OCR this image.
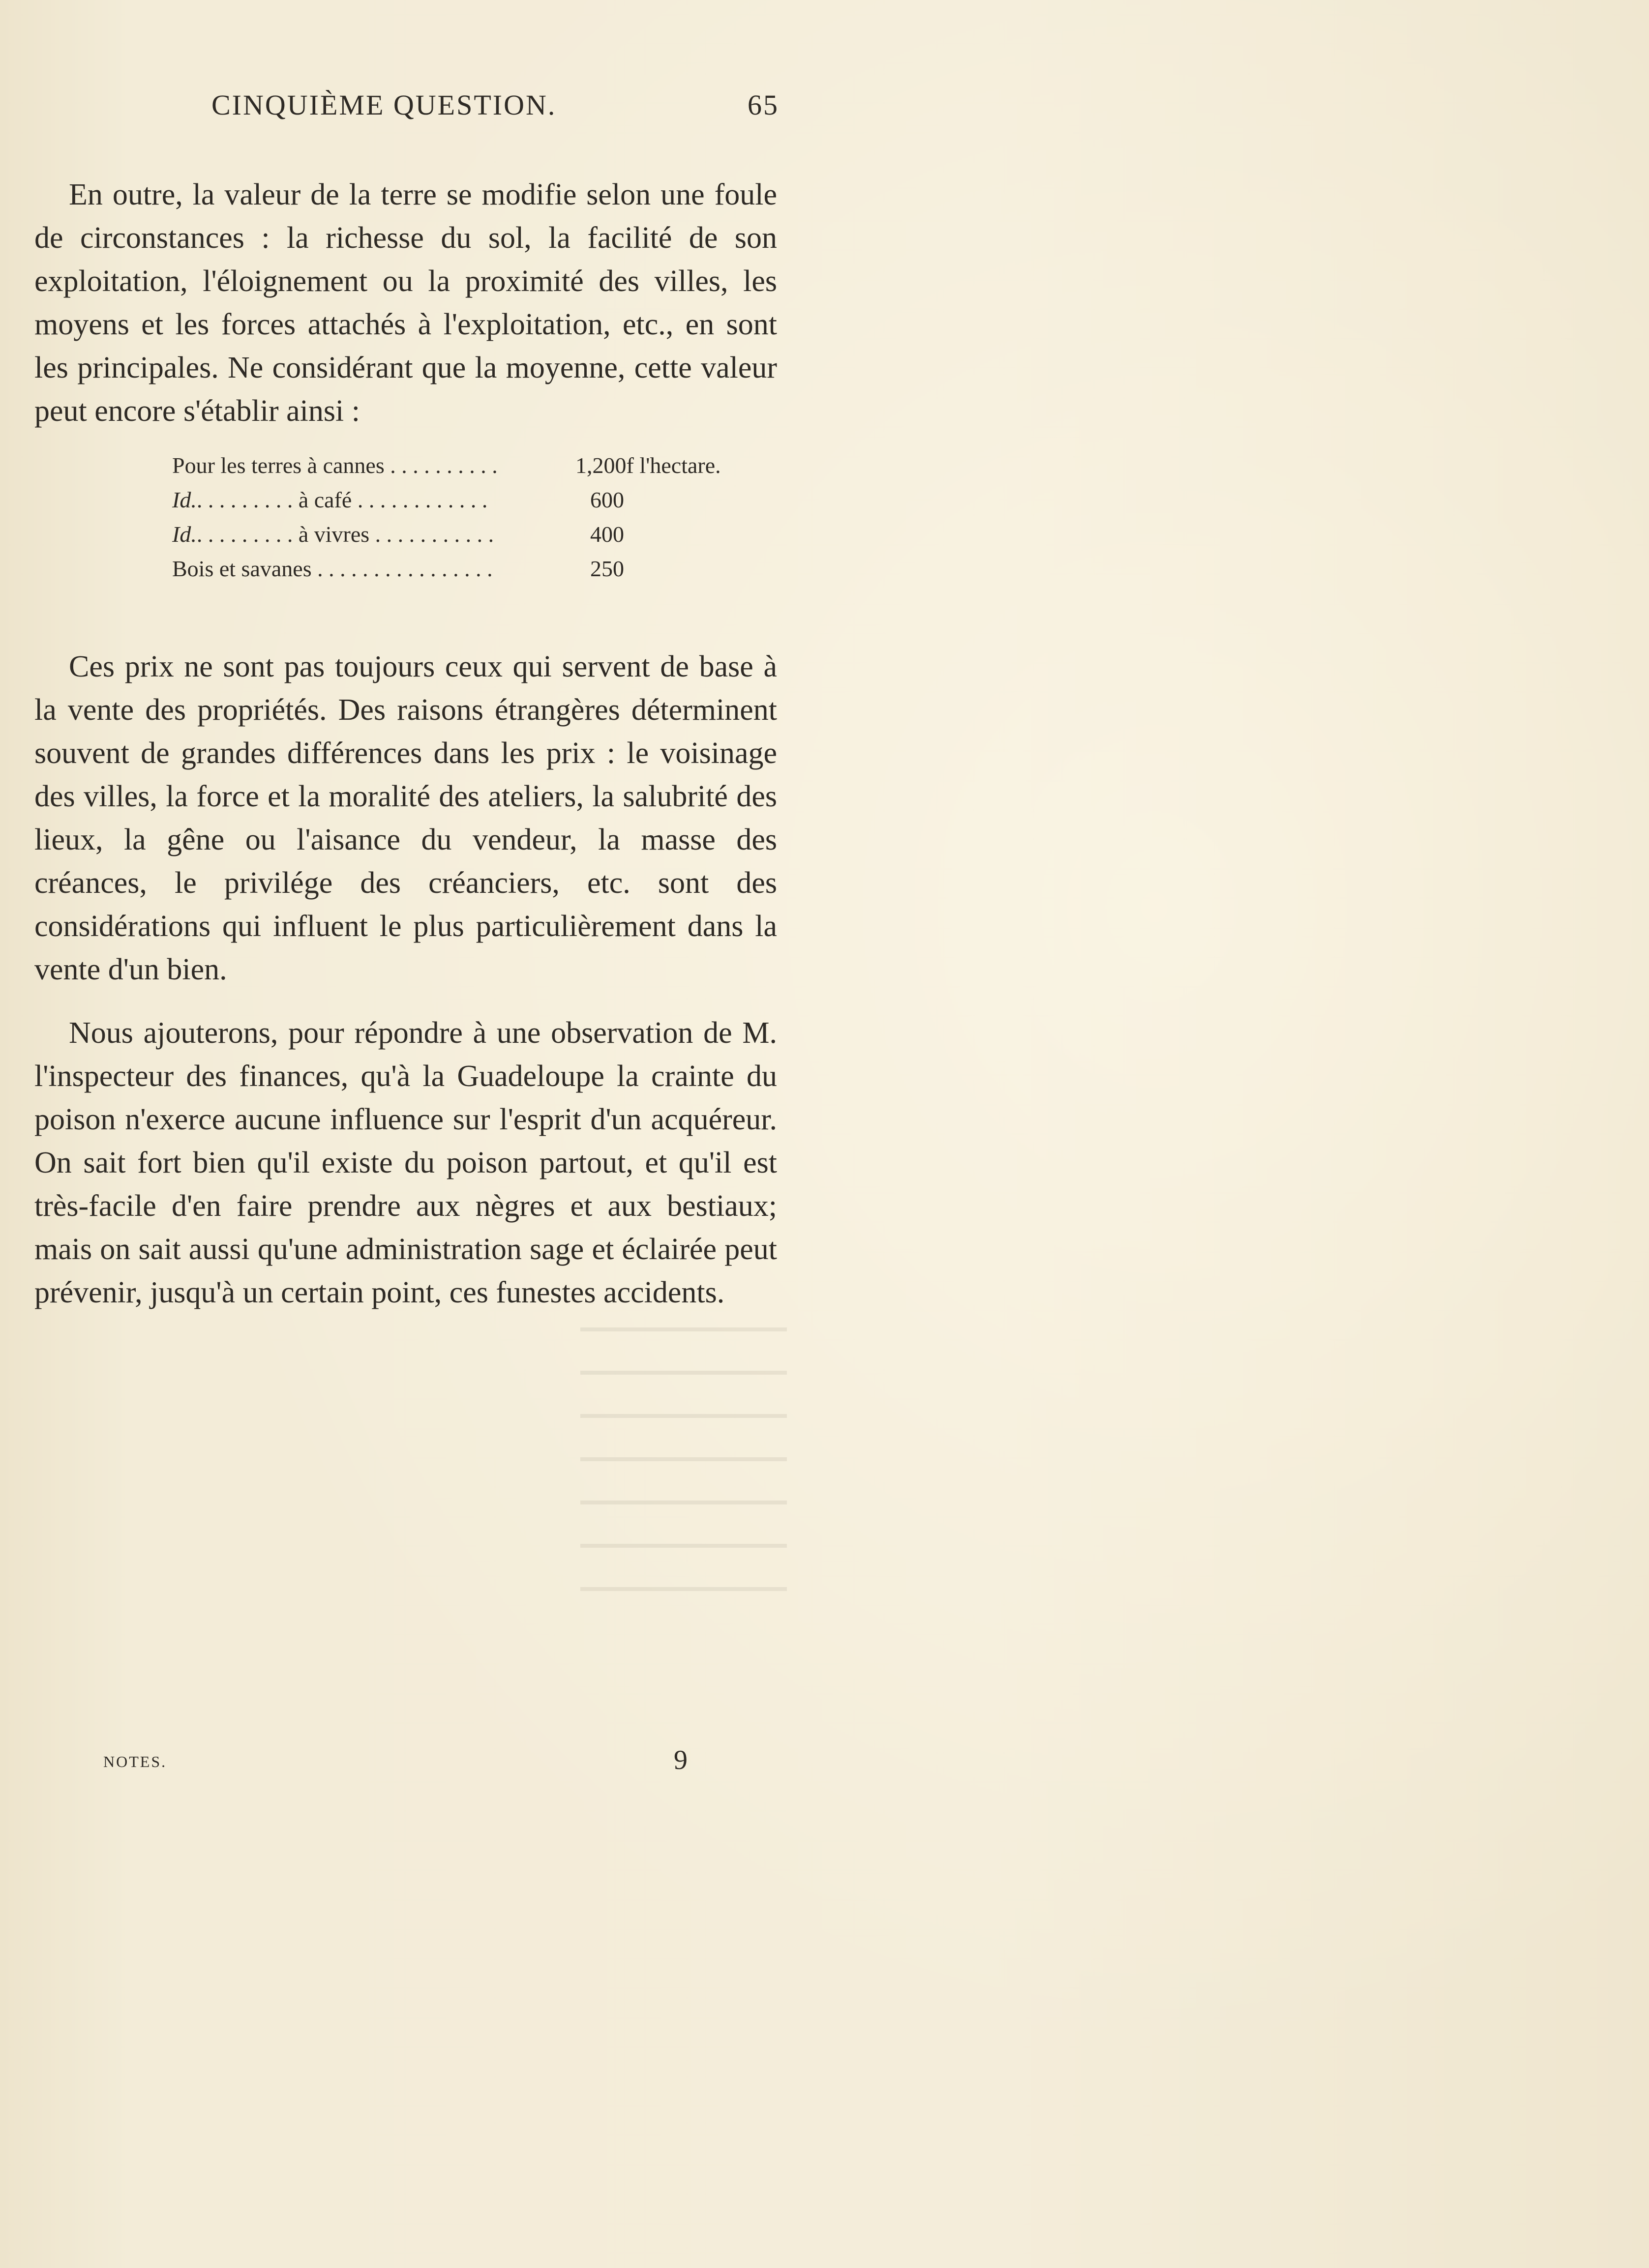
CINQUIÈME QUESTION.	65

En outre, la valeur de la terre se modifie selon une foule de circonstances : la richesse du sol, la facilité de son exploitation, l'éloignement ou la proximité des villes, les moyens et les forces attachés à l'exploitation, etc., en sont les principales. Ne considérant que la moyenne, cette valeur peut encore s'établir ainsi :

Pour les terres à cannes . . . . . . . . . .	1,200f l'hectare.
Id.. . . . . . . . . à café . . . . . . . . . . . .	600
Id.. . . . . . . . . à vivres . . . . . . . . . . .	400
Bois et savanes . . . . . . . . . . . . . . . .	250

Ces prix ne sont pas toujours ceux qui servent de base à la vente des propriétés. Des raisons étrangères déterminent souvent de grandes différences dans les prix : le voisinage des villes, la force et la moralité des ateliers, la salubrité des lieux, la gêne ou l'aisance du vendeur, la masse des créances, le privilége des créanciers, etc. sont des considérations qui influent le plus particulièrement dans la vente d'un bien.

Nous ajouterons, pour répondre à une observation de M. l'inspecteur des finances, qu'à la Guadeloupe la crainte du poison n'exerce aucune influence sur l'esprit d'un acquéreur. On sait fort bien qu'il existe du poison partout, et qu'il est très-facile d'en faire prendre aux nègres et aux bestiaux; mais on sait aussi qu'une administration sage et éclairée peut prévenir, jusqu'à un certain point, ces funestes accidents.

NOTES.	9
